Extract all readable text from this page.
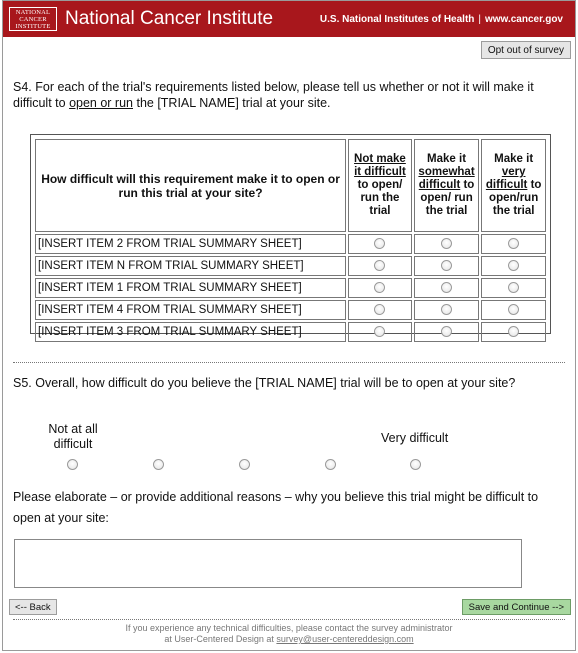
NATIONAL
CANCER
INSTITUTE National Cancer Institute	U.S. National Institutes of Health | www.cancer.gov
Opt out of survey
S4. For each of the trial's requirements listed below, please tell us whether or not it will make it difficult to open or run the [TRIAL NAME] trial at your site.
How difficult will this requirement make it to open or run this trial at your site?	Not make it difficult to open/ run the trial	Make it somewhat difficult to open/ run the trial	Make it very difficult to open/run the trial
[INSERT ITEM 2 FROM TRIAL SUMMARY SHEET]			
[INSERT ITEM N FROM TRIAL SUMMARY SHEET]			
[INSERT ITEM 1 FROM TRIAL SUMMARY SHEET]			
[INSERT ITEM 4 FROM TRIAL SUMMARY SHEET]			
[INSERT ITEM 3 FROM TRIAL SUMMARY SHEET]			
S5. Overall, how difficult do you believe the [TRIAL NAME] trial will be to open at your site?
Not at all difficult	Very difficult
Please elaborate – or provide additional reasons – why you believe this trial might be difficult to open at your site:
<-- Back	Save and Continue -->
If you experience any technical difficulties, please contact the survey administrator
at User-Centered Design at survey@user-centereddesign.com
